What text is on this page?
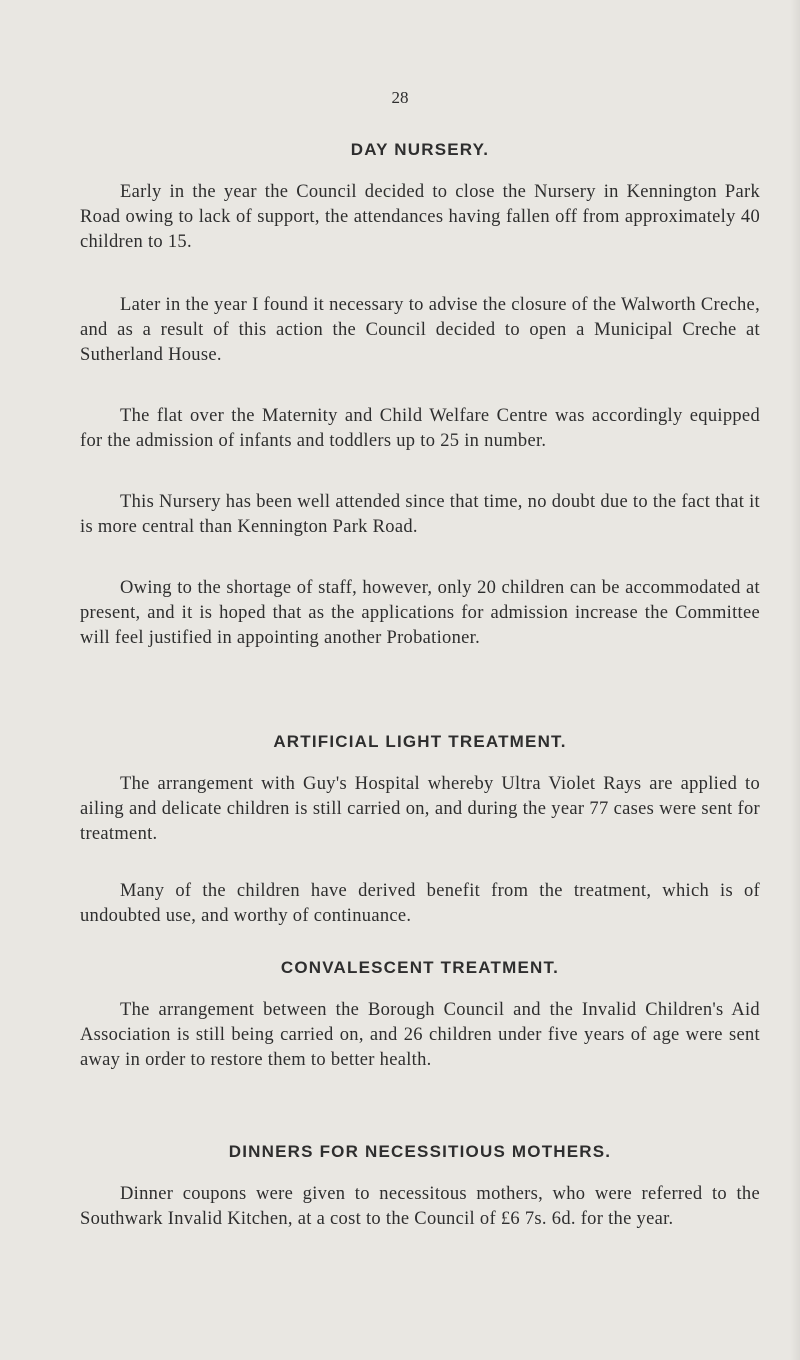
28
DAY NURSERY.

Early in the year the Council decided to close the Nursery in Kennington Park Road owing to lack of support, the attendances having fallen off from approximately 40 children to 15.

Later in the year I found it necessary to advise the closure of the Walworth Creche, and as a result of this action the Council decided to open a Municipal Creche at Sutherland House.

The flat over the Maternity and Child Welfare Centre was accordingly equipped for the admission of infants and toddlers up to 25 in number.

This Nursery has been well attended since that time, no doubt due to the fact that it is more central than Kennington Park Road.

Owing to the shortage of staff, however, only 20 children can be accommodated at present, and it is hoped that as the applications for admission increase the Committee will feel justified in appointing another Probationer.

ARTIFICIAL LIGHT TREATMENT.

The arrangement with Guy's Hospital whereby Ultra Violet Rays are applied to ailing and delicate children is still carried on, and during the year 77 cases were sent for treatment.

Many of the children have derived benefit from the treatment, which is of undoubted use, and worthy of continuance.

CONVALESCENT TREATMENT.

The arrangement between the Borough Council and the Invalid Children's Aid Association is still being carried on, and 26 children under five years of age were sent away in order to restore them to better health.

DINNERS FOR NECESSITIOUS MOTHERS.

Dinner coupons were given to necessitous mothers, who were referred to the Southwark Invalid Kitchen, at a cost to the Council of £6 7s. 6d. for the year.
